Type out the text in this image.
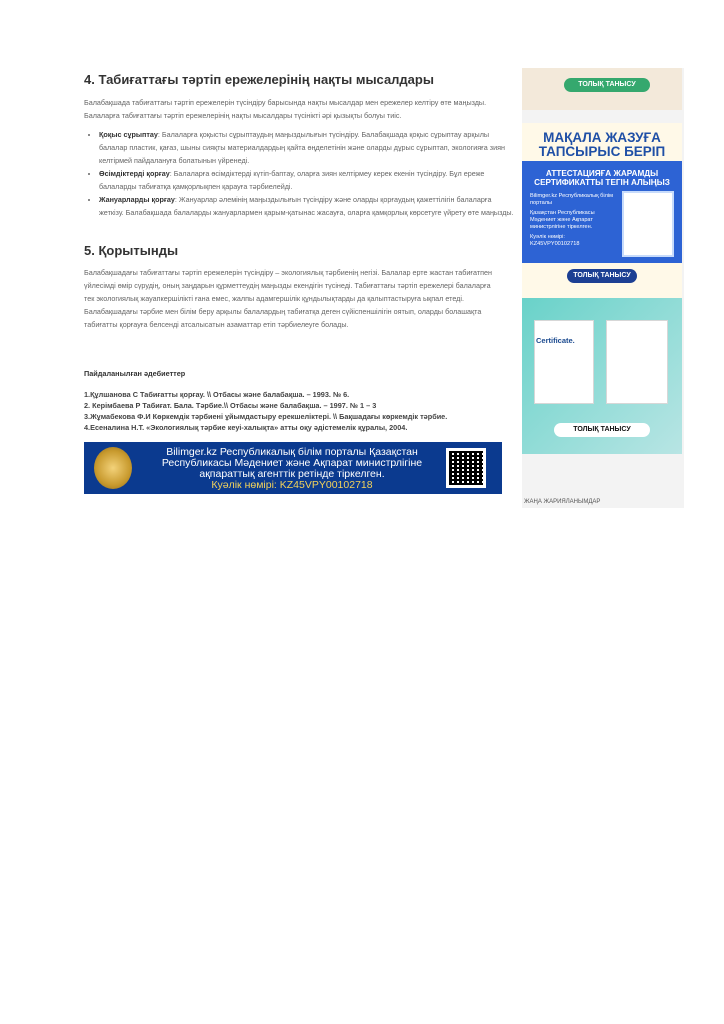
4. Табиғаттағы тәртіп ережелерінің нақты мысалдары

Балабақшада табиғаттағы тәртіп ережелерін түсіндіру барысында нақты мысалдар мен ережелер келтіру өте маңызды. Балаларға табиғаттағы тәртіп ережелерінің нақты мысалдары түсінікті әрі қызықты болуы тиіс.

• Қоқыс сұрыптау: Балаларға қоқысты сұрыптаудың маңыздылығын түсіндіру. Балабақшада қоқыс сұрыптау арқылы балалар пластик, қағаз, шыны сияқты материалдардың қайта өңделетінін және оларды дұрыс сұрыптап, экологияға зиян келтірмей пайдалануға болатынын үйренеді.
• Өсімдіктерді қорғау: Балаларға өсімдіктерді күтіп-баптау, оларға зиян келтірмеу керек екенін түсіндіру. Бұл ереже балаларды табиғатқа қамқорлықпен қарауға тәрбиелейді.
• Жануарларды қорғау: Жануарлар әлемінің маңыздылығын түсіндіру және оларды қорғаудың қажеттілігін балаларға жеткізу. Балабақшада балаларды жануарлармен қарым-қатынас жасауға, оларға қамқорлық көрсетуге үйрету өте маңызды.
5. Қорытынды

Балабақшадағы табиғаттағы тәртіп ережелерін түсіндіру – экологиялық тәрбиенің негізі. Балалар ерте жастан табиғатпен үйлесімді өмір сүрудің, оның заңдарын құрметтеудің маңызды екендігін түсінеді. Табиғаттағы тәртіп ережелері балаларға тек экологиялық жауапкершілікті ғана емес, жалпы адамгершілік құндылықтарды да қалыптастыруға ықпал етеді. Балабақшадағы тәрбие мен білім беру арқылы балалардың табиғатқа деген сүйіспеншілігін оятып, оларды болашақта табиғатты қорғауға белсенді атсалысатын азаматтар етіп тәрбиелеуге болады.

Пайдаланылған әдебиеттер
1.Құлшанова С Табиғатты қорғау. \\ Отбасы және балабақша. – 1993. № 6.
2. Керімбаева Р Табиғат. Бала. Тәрбие.\\ Отбасы және балабақша. – 1997. № 1 – 3
3.Жұмабекова Ф.И Көркемдік тәрбиені ұйымдастыру ерекшеліктері. \\ Бақшадағы көркемдік тәрбие.
4.Есеналина Н.Т. «Экологиялық тәрбие кеуі-халықта» атты оқу әдістемелік құралы, 2004.
Bilimger.kz Республикалық білім порталы Қазақстан
Республикасы Мәдениет және Ақпарат министрлігіне
ақпараттық агенттік ретінде тіркелген.
Куәлік нөмірі: KZ45VPY00102718
ТОЛЫҚ ТАНЫСУ
МАҚАЛА ЖАЗУҒА
ТАПСЫРЫС БЕРІП
АТТЕСТАЦИЯҒА ЖАРАМДЫ
СЕРТИФИКАТТЫ ТЕГІН АЛЫҢЫЗ
Bilimger.kz Республикалық білім порталы
Қазақстан Республикасы Мәдениет және Ақпарат министрлігіне тіркелген.
Куәлік нөмірі: KZ45VPY00102718
ТОЛЫҚ ТАНЫСУ
Certificate.
ТОЛЫҚ ТАНЫСУ
ЖАҢА ЖАРИЯЛАНЫМДАР
